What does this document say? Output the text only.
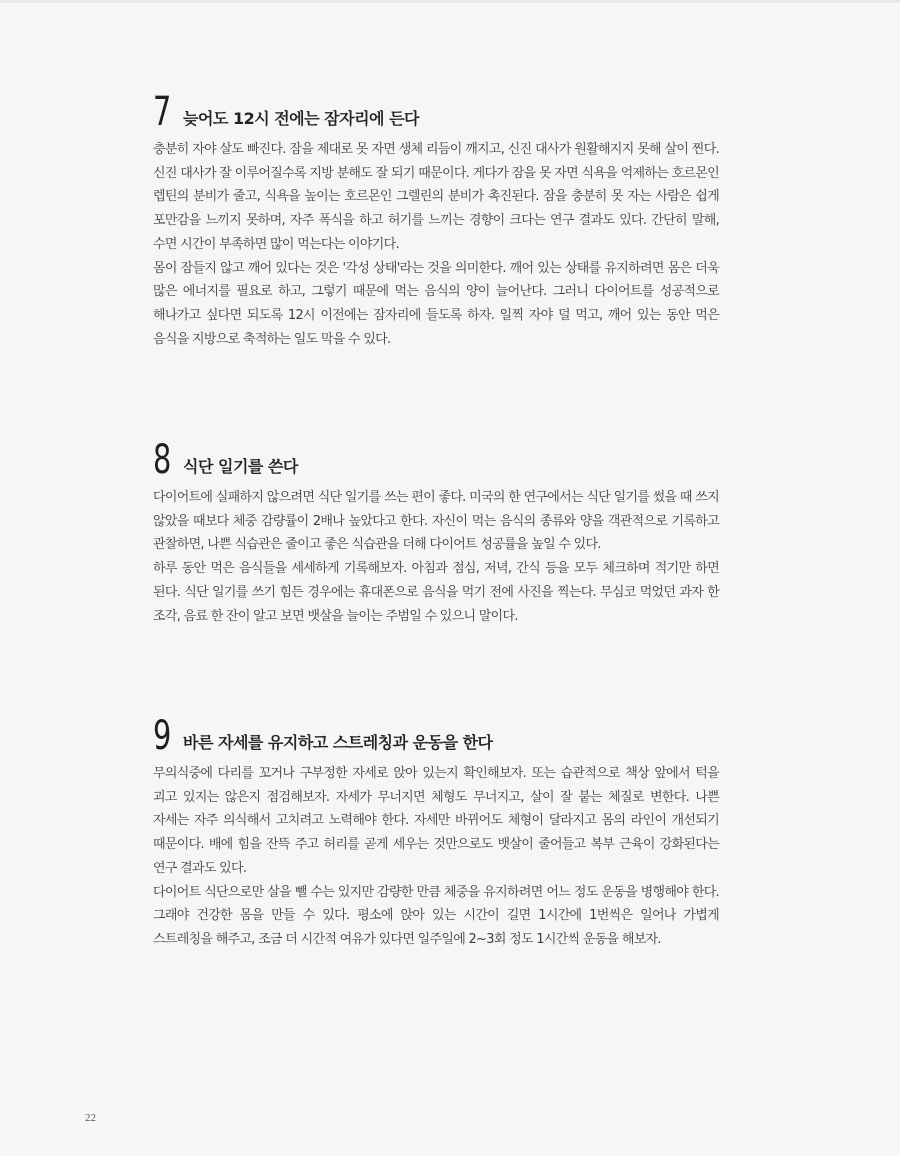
7 늦어도 12시 전에는 잠자리에 든다

충분히 자야 살도 빠진다. 잠을 제대로 못 자면 생체 리듬이 깨지고, 신진 대사가 원활해지지 못해 살이 찐다. 신진 대사가 잘 이루어질수록 지방 분해도 잘 되기 때문이다. 게다가 잠을 못 자면 식욕을 억제하는 호르몬인 렙틴의 분비가 줄고, 식욕을 높이는 호르몬인 그렐린의 분비가 촉진된다. 잠을 충분히 못 자는 사람은 쉽게 포만감을 느끼지 못하며, 자주 폭식을 하고 허기를 느끼는 경향이 크다는 연구 결과도 있다. 간단히 말해, 수면 시간이 부족하면 많이 먹는다는 이야기다.

몸이 잠들지 않고 깨어 있다는 것은 '각성 상태'라는 것을 의미한다. 깨어 있는 상태를 유지하려면 몸은 더욱 많은 에너지를 필요로 하고, 그렇기 때문에 먹는 음식의 양이 늘어난다. 그러니 다이어트를 성공적으로 해나가고 싶다면 되도록 12시 이전에는 잠자리에 들도록 하자. 일찍 자야 덜 먹고, 깨어 있는 동안 먹은 음식을 지방으로 축적하는 일도 막을 수 있다.

8 식단 일기를 쓴다

다이어트에 실패하지 않으려면 식단 일기를 쓰는 편이 좋다. 미국의 한 연구에서는 식단 일기를 썼을 때 쓰지 않았을 때보다 체중 감량률이 2배나 높았다고 한다. 자신이 먹는 음식의 종류와 양을 객관적으로 기록하고 관찰하면, 나쁜 식습관은 줄이고 좋은 식습관을 더해 다이어트 성공률을 높일 수 있다.

하루 동안 먹은 음식들을 세세하게 기록해보자. 아침과 점심, 저녁, 간식 등을 모두 체크하며 적기만 하면 된다. 식단 일기를 쓰기 힘든 경우에는 휴대폰으로 음식을 먹기 전에 사진을 찍는다. 무심코 먹었던 과자 한 조각, 음료 한 잔이 알고 보면 뱃살을 늘이는 주범일 수 있으니 말이다.

9 바른 자세를 유지하고 스트레칭과 운동을 한다

무의식중에 다리를 꼬거나 구부정한 자세로 앉아 있는지 확인해보자. 또는 습관적으로 책상 앞에서 턱을 괴고 있지는 않은지 점검해보자. 자세가 무너지면 체형도 무너지고, 살이 잘 붙는 체질로 변한다. 나쁜 자세는 자주 의식해서 고치려고 노력해야 한다. 자세만 바뀌어도 체형이 달라지고 몸의 라인이 개선되기 때문이다. 배에 힘을 잔뜩 주고 허리를 곧게 세우는 것만으로도 뱃살이 줄어들고 복부 근육이 강화된다는 연구 결과도 있다.

다이어트 식단으로만 살을 뺄 수는 있지만 감량한 만큼 체중을 유지하려면 어느 정도 운동을 병행해야 한다. 그래야 건강한 몸을 만들 수 있다. 평소에 앉아 있는 시간이 길면 1시간에 1번씩은 일어나 가볍게 스트레칭을 해주고, 조금 더 시간적 여유가 있다면 일주일에 2~3회 정도 1시간씩 운동을 해보자.

22
